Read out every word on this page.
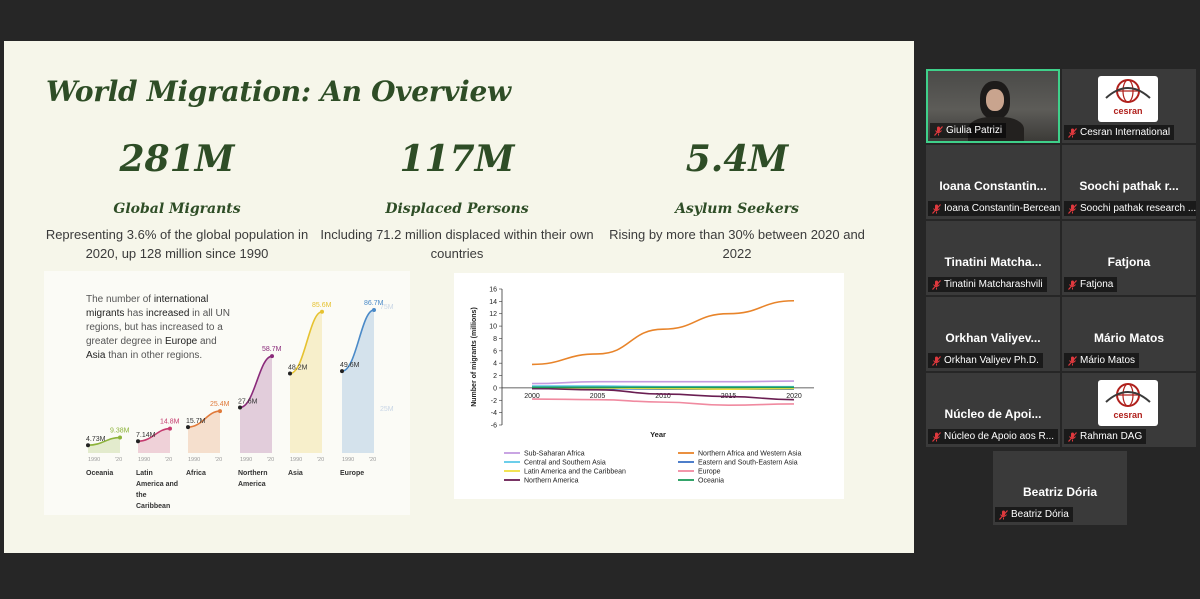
World Migration: An Overview
281M
Global Migrants
Representing 3.6% of the global population in 2020, up 128 million since 1990
117M
Displaced Persons
Including 71.2 million displaced within their own countries
5.4M
Asylum Seekers
Rising by more than 30% between 2020 and 2022
The number of international migrants has increased in all UN regions, but has increased to a greater degree in Europe and Asia than in other regions.
75M
25M
4.73M
9.38M
1990	'20
Oceania
7.14M
14.8M
1990	'20
Latin
America and
the
Caribbean
15.7M
25.4M
1990	'20
Africa
27.6M
58.7M
1990	'20
Northern
America
48.2M
85.6M
1990	'20
Asia
49.6M
86.7M
1990	'20
Europe
16
14
12
10
8
6
4
2
0
-2
-4
-6
2000	2005	2010	2015	2020
Year
Number of migrants (millions)
Sub-Saharan Africa	Northern Africa and Western Asia
Central and Southern Asia	Eastern and South-Eastern Asia
Latin America and the Caribbean	Europe
Northern America	Oceania
Giulia Patrizi
cesran
Cesran International
Ioana Constantin...
Ioana Constantin-Bercean
Soochi pathak r...
Soochi pathak research ...
Tinatini Matcha...
Tinatini Matcharashvili
Fatjona
Fatjona
Orkhan Valiyev...
Orkhan Valiyev Ph.D.
Mário Matos
Mário Matos
Núcleo de Apoi...
Núcleo de Apoio aos R...
cesran
Rahman DAG
Beatriz Dória
Beatriz Dória
